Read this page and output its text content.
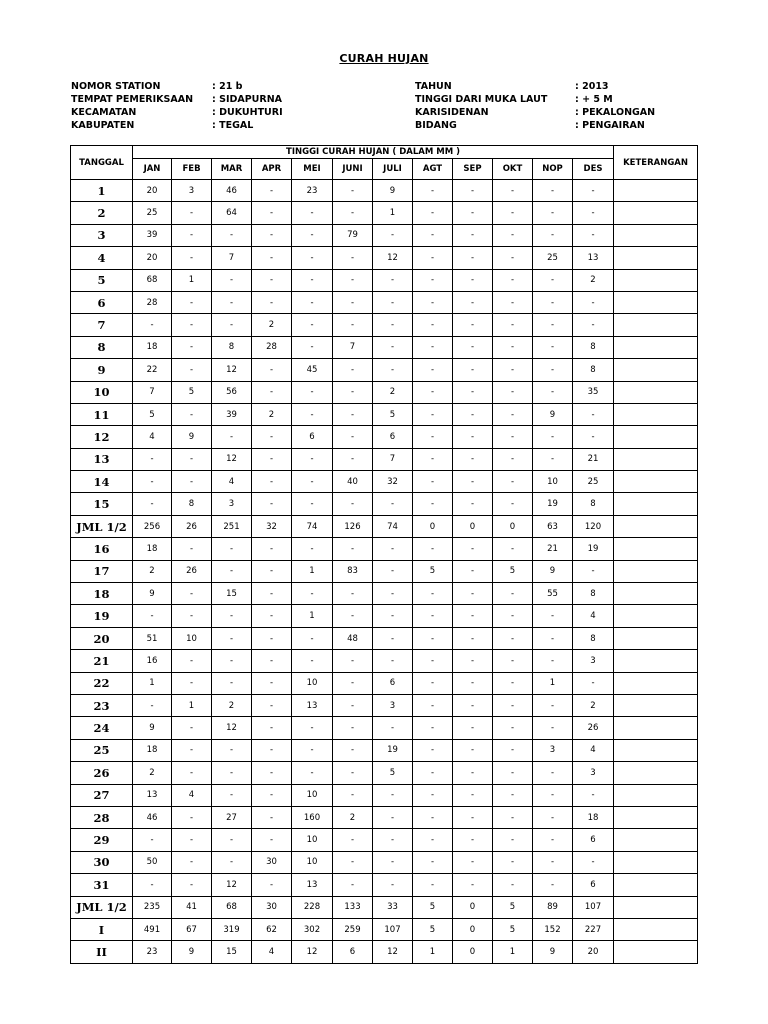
CURAH HUJAN
NOMOR STATION	: 21 b
TEMPAT PEMERIKSAAN	: SIDAPURNA
KECAMATAN	: DUKUHTURI
KABUPATEN	: TEGAL
TAHUN	: 2013
TINGGI DARI MUKA LAUT	: + 5 M
KARISIDENAN	: PEKALONGAN
BIDANG	: PENGAIRAN
TANGGAL	TINGGI CURAH HUJAN ( DALAM MM )												KETERANGAN
	JAN	FEB	MAR	APR	MEI	JUNI	JULI	AGT	SEP	OKT	NOP	DES	
1	20	3	46	-	23	-	9	-	-	-	-	-	
2	25	-	64	-	-	-	1	-	-	-	-	-	
3	39	-	-	-	-	79	-	-	-	-	-	-	
4	20	-	7	-	-	-	12	-	-	-	25	13	
5	68	1	-	-	-	-	-	-	-	-	-	2	
6	28	-	-	-	-	-	-	-	-	-	-	-	
7	-	-	-	2	-	-	-	-	-	-	-	-	
8	18	-	8	28	-	7	-	-	-	-	-	8	
9	22	-	12	-	45	-	-	-	-	-	-	8	
10	7	5	56	-	-	-	2	-	-	-	-	35	
11	5	-	39	2	-	-	5	-	-	-	9	-	
12	4	9	-	-	6	-	6	-	-	-	-	-	
13	-	-	12	-	-	-	7	-	-	-	-	21	
14	-	-	4	-	-	40	32	-	-	-	10	25	
15	-	8	3	-	-	-	-	-	-	-	19	8	
JML 1/2	256	26	251	32	74	126	74	0	0	0	63	120	
16	18	-	-	-	-	-	-	-	-	-	21	19	
17	2	26	-	-	1	83	-	5	-	5	9	-	
18	9	-	15	-	-	-	-	-	-	-	55	8	
19	-	-	-	-	1	-	-	-	-	-	-	4	
20	51	10	-	-	-	48	-	-	-	-	-	8	
21	16	-	-	-	-	-	-	-	-	-	-	3	
22	1	-	-	-	10	-	6	-	-	-	1	-	
23	-	1	2	-	13	-	3	-	-	-	-	2	
24	9	-	12	-	-	-	-	-	-	-	-	26	
25	18	-	-	-	-	-	19	-	-	-	3	4	
26	2	-	-	-	-	-	5	-	-	-	-	3	
27	13	4	-	-	10	-	-	-	-	-	-	-	
28	46	-	27	-	160	2	-	-	-	-	-	18	
29	-	-	-	-	10	-	-	-	-	-	-	6	
30	50	-	-	30	10	-	-	-	-	-	-	-	
31	-	-	12	-	13	-	-	-	-	-	-	6	
JML 1/2	235	41	68	30	228	133	33	5	0	5	89	107	
I	491	67	319	62	302	259	107	5	0	5	152	227	
II	23	9	15	4	12	6	12	1	0	1	9	20	
